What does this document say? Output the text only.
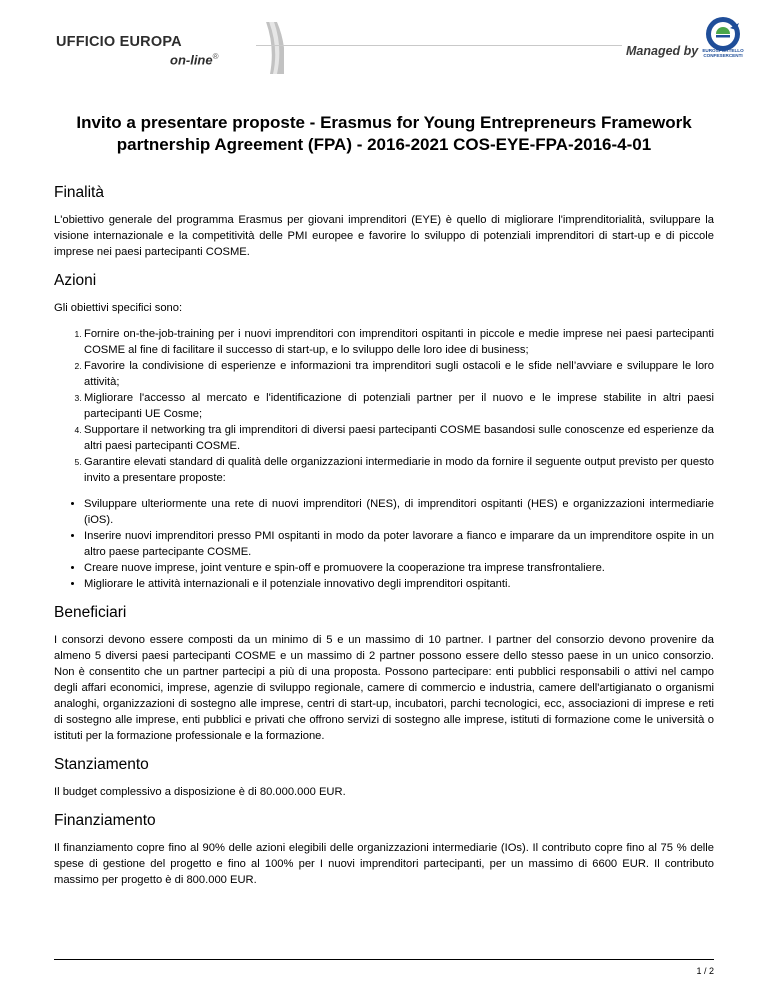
UFFICIO EUROPA
on-line®	Managed by EUROSPORTELLO CONFESERCENTI
Invito a presentare proposte - Erasmus for Young Entrepreneurs Framework partnership Agreement (FPA) - 2016-2021 COS-EYE-FPA-2016-4-01
Finalità

L'obiettivo generale del programma Erasmus per giovani imprenditori (EYE) è quello di migliorare l'imprenditorialità, sviluppare la visione internazionale e la competitività delle PMI europee e favorire lo sviluppo di potenziali imprenditori di start-up e di piccole imprese nei paesi partecipanti COSME.

Azioni

Gli obiettivi specifici sono:

1. Fornire on-the-job-training per i nuovi imprenditori con imprenditori ospitanti in piccole e medie imprese nei paesi partecipanti COSME al fine di facilitare il successo di start-up, e lo sviluppo delle loro idee di business;
2. Favorire la condivisione di esperienze e informazioni tra imprenditori sugli ostacoli e le sfide nell’avviare e sviluppare le loro attività;
3. Migliorare l'accesso al mercato e l'identificazione di potenziali partner per il nuovo e le imprese stabilite in altri paesi partecipanti UE Cosme;
4. Supportare il networking tra gli imprenditori di diversi paesi partecipanti COSME basandosi sulle conoscenze ed esperienze da altri paesi partecipanti COSME.
5. Garantire elevati standard di qualità delle organizzazioni intermediarie in modo da fornire il seguente output previsto per questo invito a presentare proposte:
• Sviluppare ulteriormente una rete di nuovi imprenditori (NES), di imprenditori ospitanti (HES) e organizzazioni intermediarie (iOS).
• Inserire nuovi imprenditori presso PMI ospitanti in modo da poter lavorare a fianco e imparare da un imprenditore ospite in un altro paese partecipante COSME.
• Creare nuove imprese, joint venture e spin-off e promuovere la cooperazione tra imprese transfrontaliere.
• Migliorare le attività internazionali e il potenziale innovativo degli imprenditori ospitanti.
Beneficiari

I consorzi devono essere composti da un minimo di 5 e un massimo di 10 partner. I partner del consorzio devono provenire da almeno 5 diversi paesi partecipanti COSME e un massimo di 2 partner possono essere dello stesso paese in un unico consorzio. Non è consentito che un partner partecipi a più di una proposta. Possono partecipare: enti pubblici responsabili o attivi nel campo degli affari economici, imprese, agenzie di sviluppo regionale, camere di commercio e industria, camere dell'artigianato o organismi analoghi, organizzazioni di sostegno alle imprese, centri di start-up, incubatori, parchi tecnologici, ecc, associazioni di imprese e reti di sostegno alle imprese, enti pubblici e privati che offrono servizi di sostegno alle imprese, istituti di formazione come le università o istituti per la formazione professionale e la formazione.

Stanziamento

Il budget complessivo a disposizione è di 80.000.000 EUR.

Finanziamento

Il finanziamento copre fino al 90% delle azioni elegibili delle organizzazioni intermediarie (IOs). Il contributo copre fino al 75 % delle spese di gestione del progetto e fino al 100% per I nuovi imprenditori partecipanti, per un massimo di 6600 EUR. Il contributo massimo per progetto è di 800.000 EUR.

1 / 2
